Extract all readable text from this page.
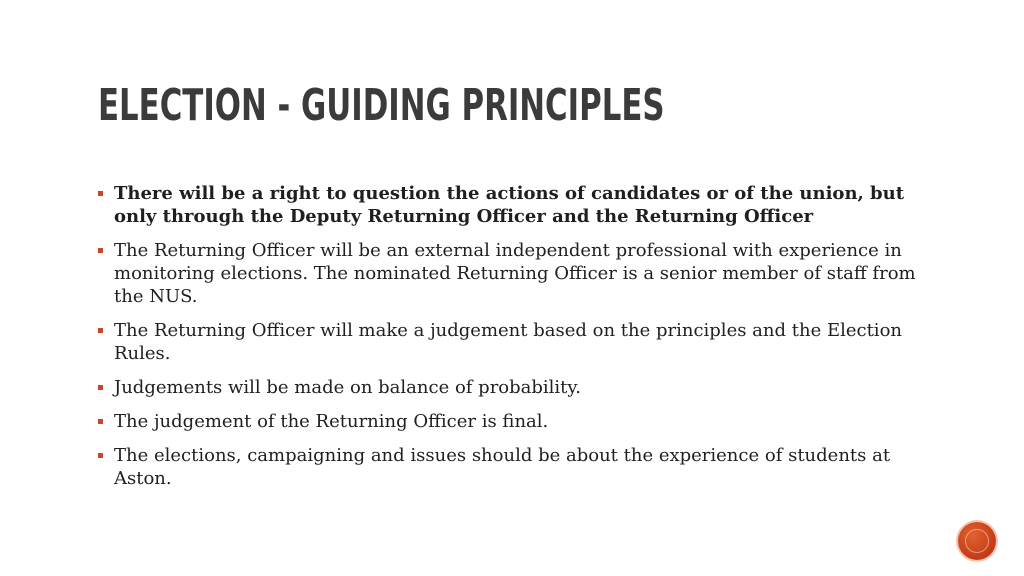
ELECTION - GUIDING PRINCIPLES
There will be a right to question the actions of candidates or of the union, but only through the Deputy Returning Officer and the Returning Officer
The Returning Officer will be an external independent professional with experience in monitoring elections. The nominated Returning Officer is a senior member of staff from the NUS.
The Returning Officer will make a judgement based on the principles and the Election Rules.
Judgements will be made on balance of probability.
The judgement of the Returning Officer is final.
The elections, campaigning and issues should be about the experience of students at Aston.
